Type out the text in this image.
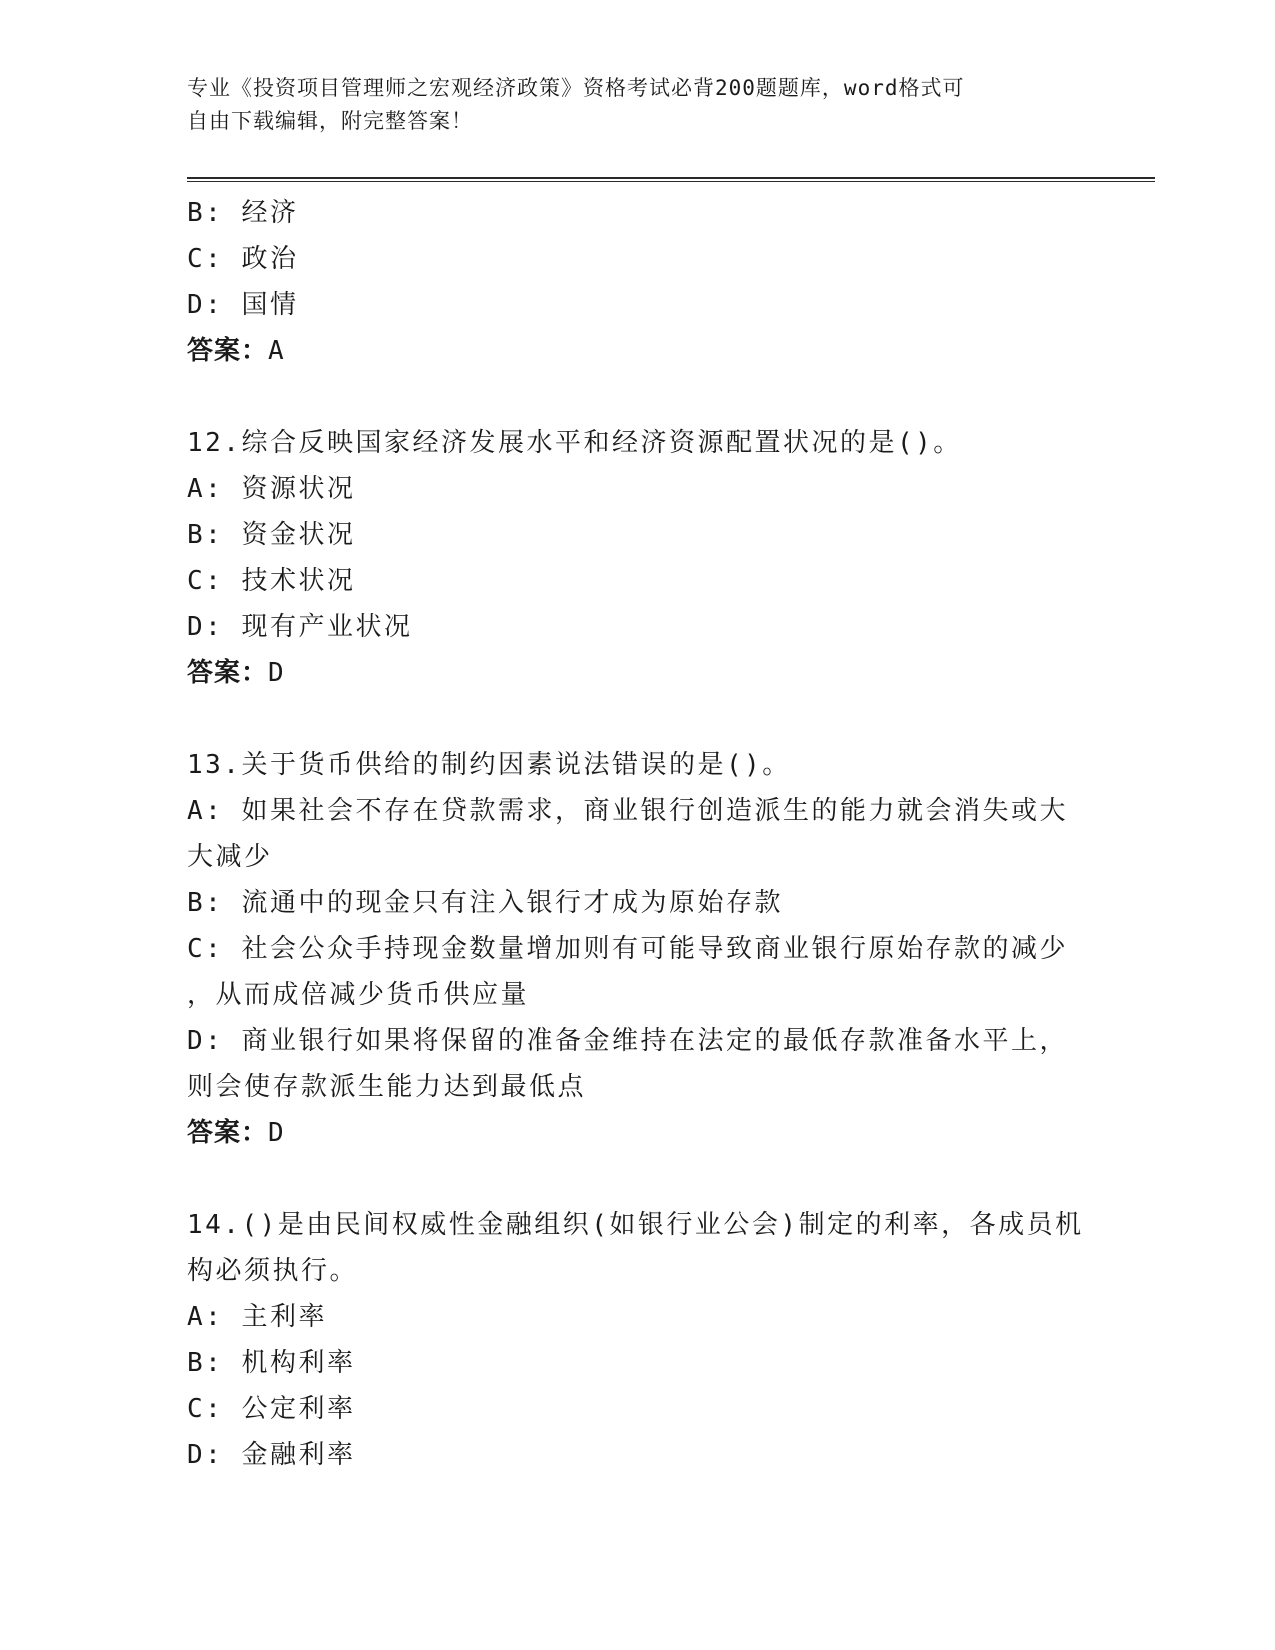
专业《投资项目管理师之宏观经济政策》资格考试必背200题题库，word格式可
自由下载编辑，附完整答案！

B: 经济

C: 政治

D: 国情

答案：A

12.综合反映国家经济发展水平和经济资源配置状况的是()。

A: 资源状况

B: 资金状况

C: 技术状况

D: 现有产业状况

答案：D

13.关于货币供给的制约因素说法错误的是()。

A: 如果社会不存在贷款需求，商业银行创造派生的能力就会消失或大

大减少

B: 流通中的现金只有注入银行才成为原始存款

C: 社会公众手持现金数量增加则有可能导致商业银行原始存款的减少

，从而成倍减少货币供应量

D: 商业银行如果将保留的准备金维持在法定的最低存款准备水平上，

则会使存款派生能力达到最低点

答案：D

14.()是由民间权威性金融组织(如银行业公会)制定的利率，各成员机

构必须执行。

A: 主利率

B: 机构利率

C: 公定利率

D: 金融利率
